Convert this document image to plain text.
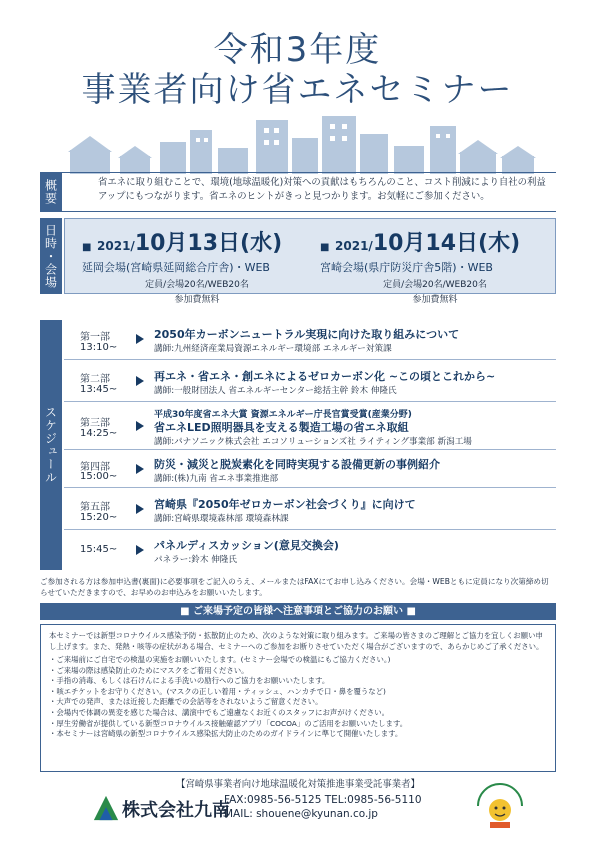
令和3年度
事業者向け省エネセミナー
概要	省エネに取り組むことで、環境(地球温暖化)対策への貢献はもちろんのこと、コスト削減により自社の利益アップにもつながります。省エネのヒントがきっと見つかります。お気軽にご参加ください。
日時・会場	■ 2021/10月13日(水)
延岡会場(宮崎県延岡総合庁舎)・WEB
定員/会場20名/WEB20名
参加費無料
■ 2021/10月14日(木)
宮崎会場(県庁防災庁舎5階)・WEB
定員/会場20名/WEB20名
参加費無料
スケジュール
第一部
13:10~
2050年カーボンニュートラル実現に向けた取り組みについて
講師:九州経済産業局資源エネルギー環境部 エネルギー対策課
第二部
13:45~
再エネ・省エネ・創エネによるゼロカーボン化 ~この頃とこれから~
講師:一般財団法人 省エネルギーセンター総括主幹 鈴木 伸隆氏
第三部
14:25~
平成30年度省エネ大賞 資源エネルギー庁長官賞受賞(産業分野)
省エネLED照明器具を支える製造工場の省エネ取組
講師:パナソニック株式会社 エコソリューションズ社 ライティング事業部 新潟工場
第四部
15:00~
防災・減災と脱炭素化を同時実現する設備更新の事例紹介
講師:(株)九南 省エネ事業推進部
第五部
15:20~
宮崎県『2050年ゼロカーボン社会づくり』に向けて
講師:宮崎県環境森林部 環境森林課
15:45~	パネルディスカッション(意見交換会)
パネラー:鈴木 伸隆氏
ご参加される方は参加申込書(裏面)に必要事項をご記入のうえ、メールまたはFAXにてお申し込みください。会場・WEBともに定員になり次第締め切らせていただきますので、お早めのお申込みをお願いいたします。
■ ご来場予定の皆様へ注意事項とご協力のお願い ■
本セミナーでは新型コロナウイルス感染予防・拡散防止のため、次のような対策に取り組みます。ご来場の皆さまのご理解とご協力を宜しくお願い申し上げます。また、発熱・咳等の症状がある場合、セミナーへのご参加をお断りさせていただく場合がございますので、あらかじめご了承ください。
・ご来場前にご自宅での検温の実施をお願いいたします。(セミナー会場での検温にもご協力ください。)
・ご来場の際は感染防止のためにマスクをご着用ください。
・手指の消毒、もしくは石けんによる手洗いの励行へのご協力をお願いいたします。
・咳エチケットをお守りください。(マスクの正しい着用・ティッシュ、ハンカチで口・鼻を覆うなど)
・大声での発声、または近接した距離での会話等をされないようご留意ください。
・会場内で体調の異変を感じた場合は、講演中でもご遠慮なくお近くのスタッフにお声がけください。
・厚生労働省が提供している新型コロナウイルス接触確認アプリ「COCOA」のご活用をお願いいたします。
・本セミナーは宮崎県の新型コロナウイルス感染拡大防止のためのガイドラインに準じて開催いたします。
【宮崎県事業者向け地球温暖化対策推進事業受託事業者】
株式会社九南
FAX:0985-56-5125 TEL:0985-56-5110
MAIL: shouene@kyunan.co.jp
